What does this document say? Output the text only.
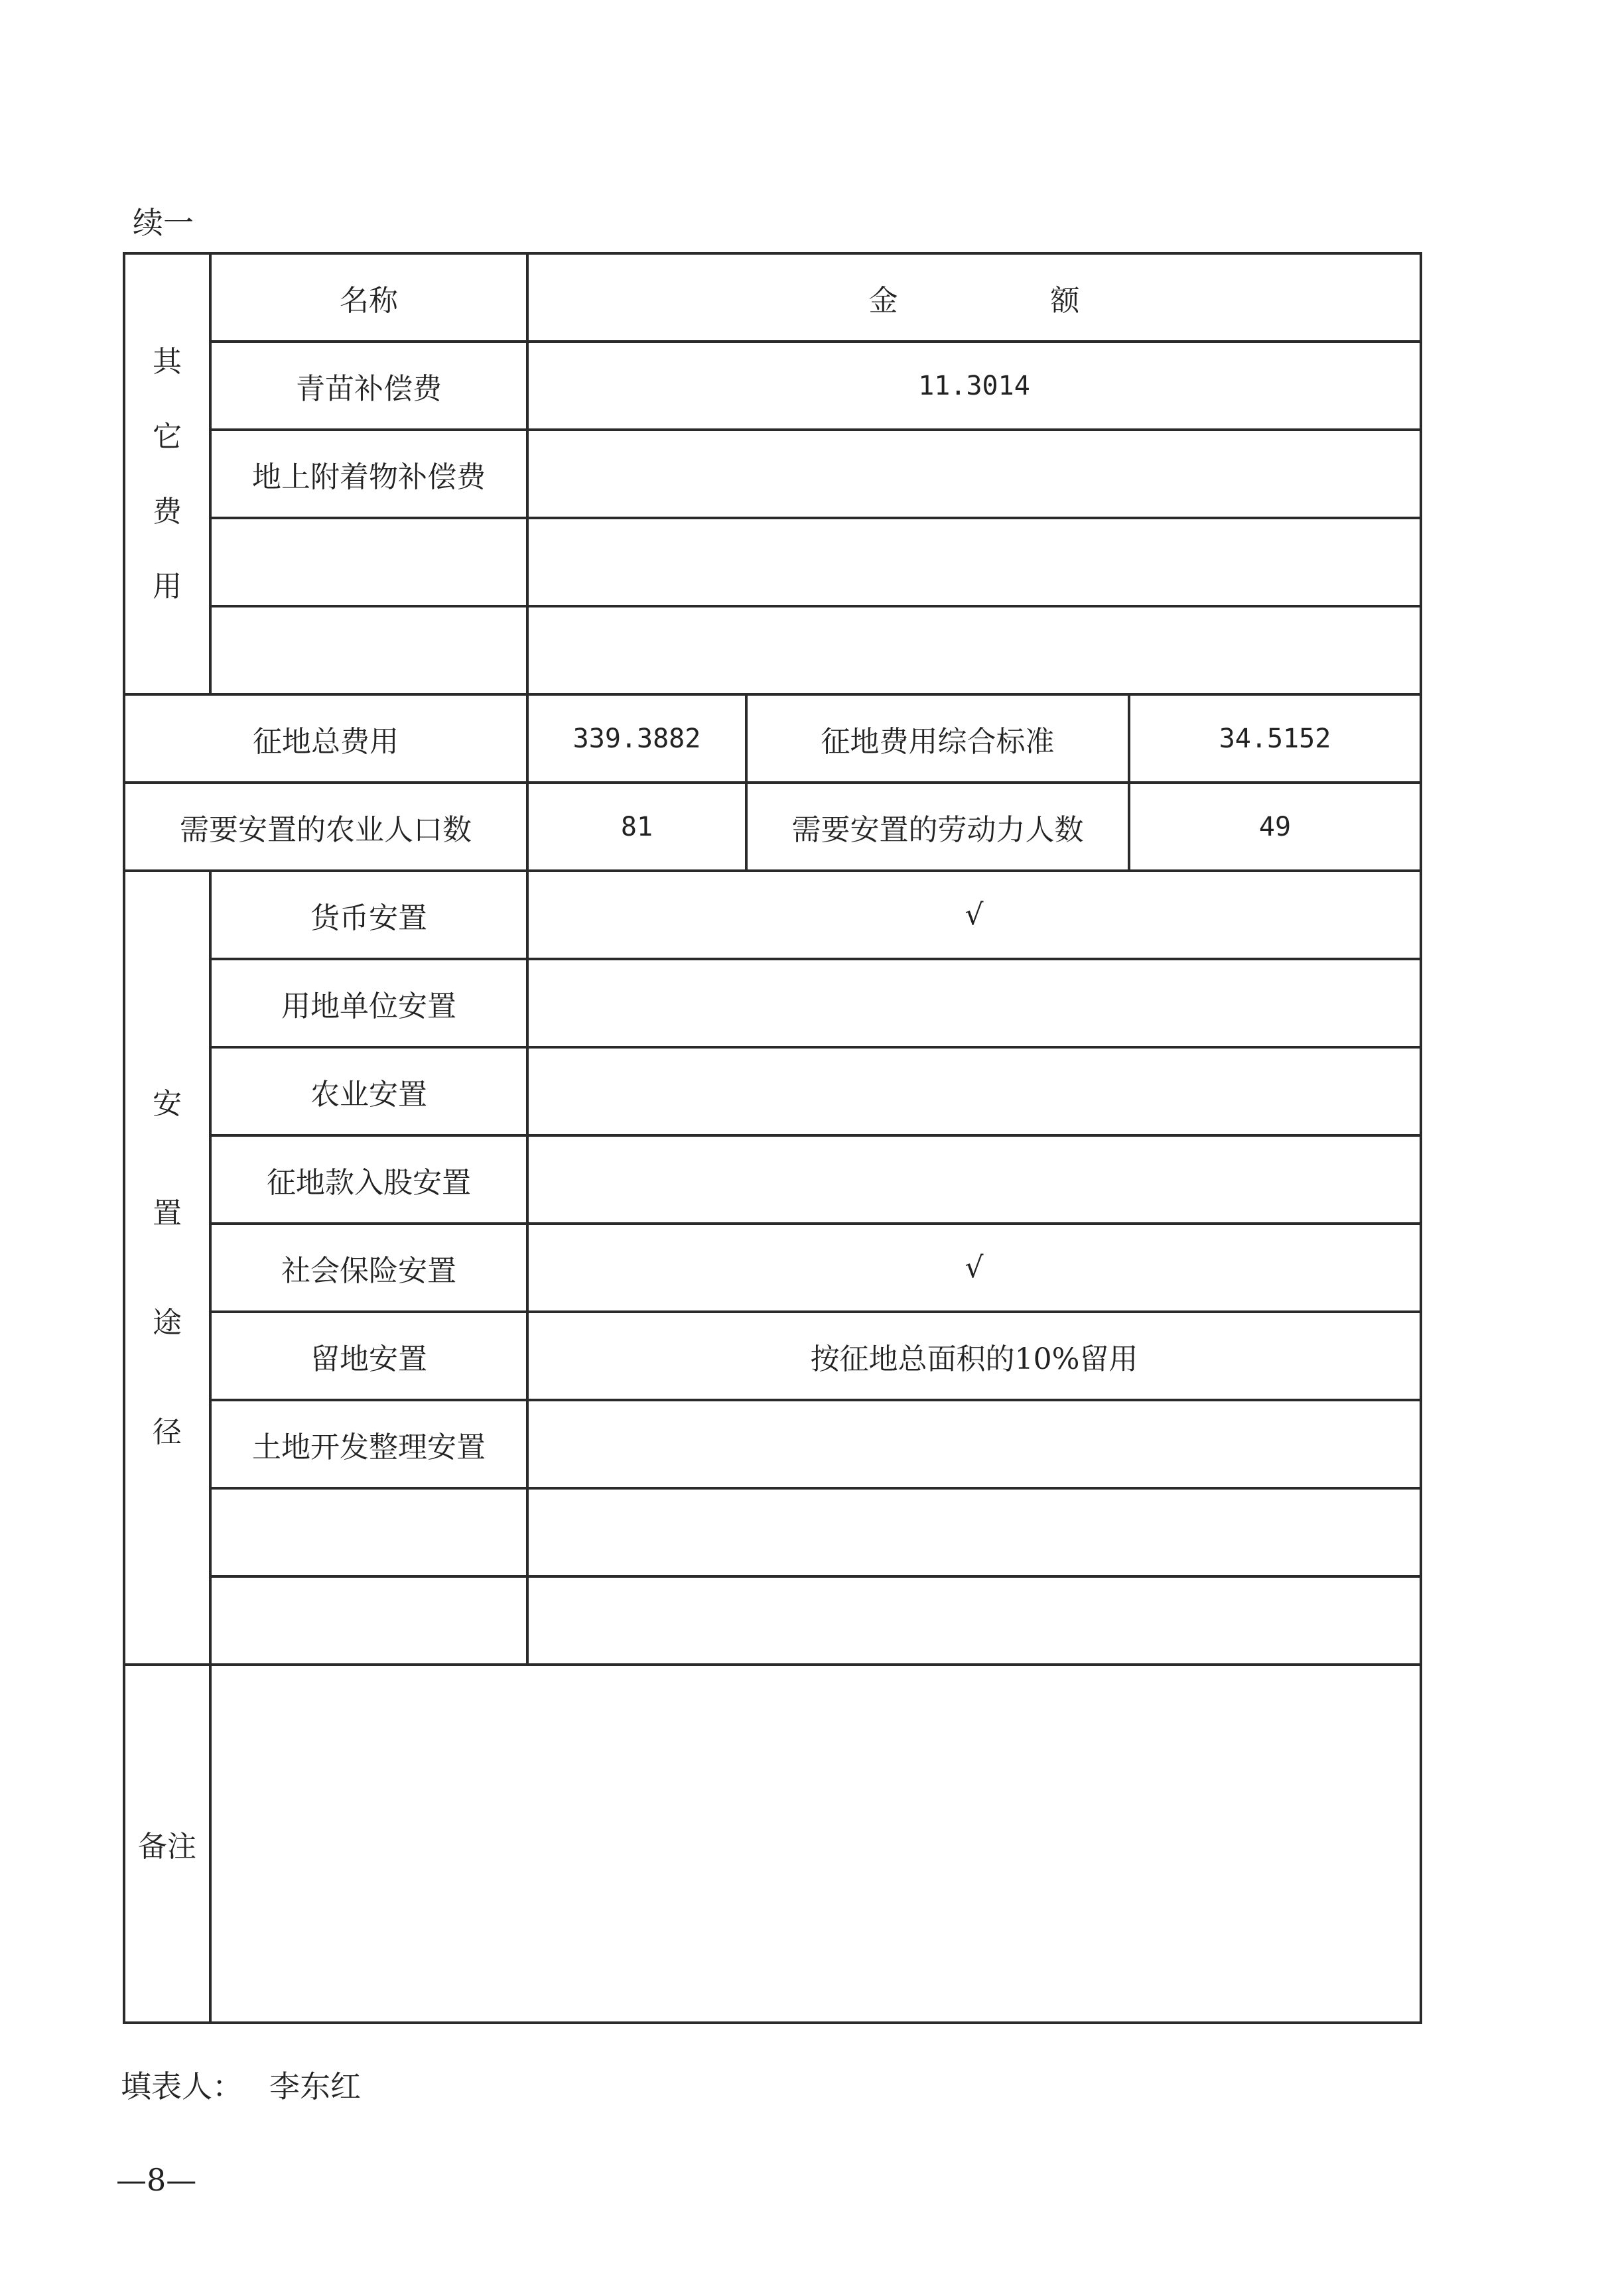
续一
其
它
费
用	名称	金 额		
	青苗补偿费	11.3014		
	地上附着物补偿费			

征地总费用		339.3882	征地费用综合标准	34.5152
需要安置的农业人口数		81	需要安置的劳动力人数	49

安
置
途
径	货币安置	√		
	用地单位安置			
	农业安置			
	征地款入股安置			
	社会保险安置	√		
	留地安置	按征地总面积的10%留用		
	土地开发整理安置			

备注				
填表人： 李东红
—8—
